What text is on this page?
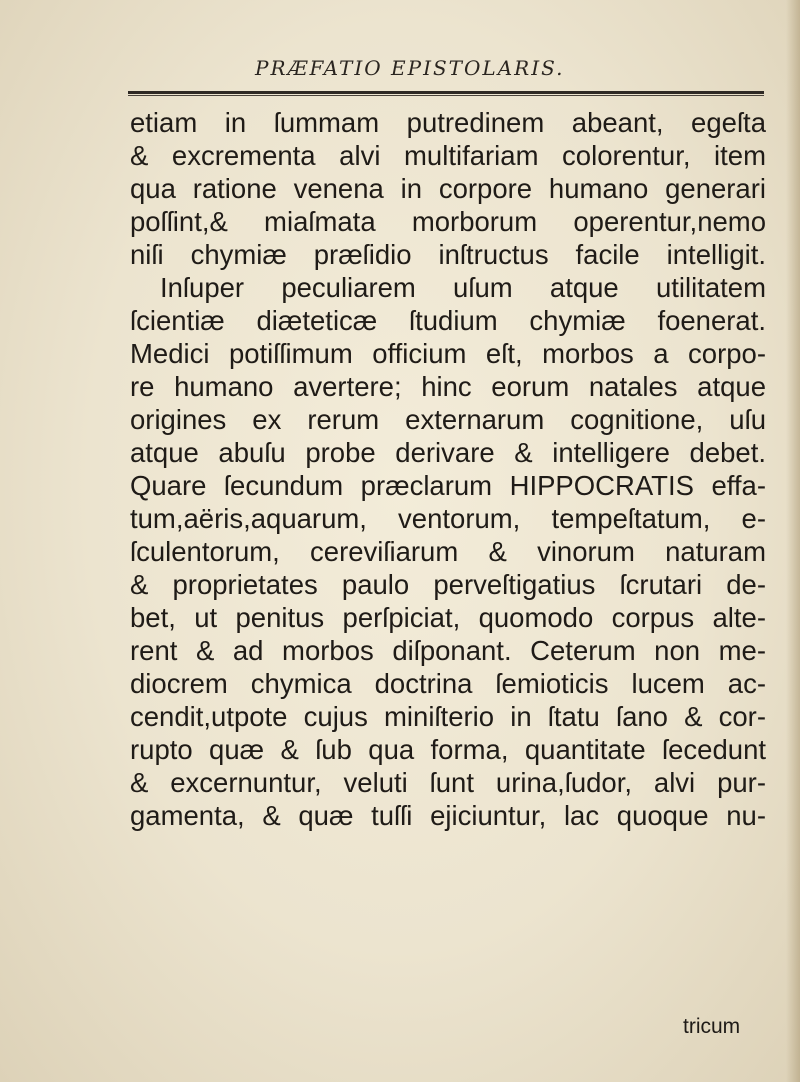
PRÆFATIO EPISTOLARIS.
etiam in ſummam putredinem abeant, egeſta
& excrementa alvi multifariam colorentur, item
qua ratione venena in corpore humano generari
poſſint,& miaſmata morborum operentur,nemo
niſi chymiæ præſidio inſtructus facile intelligit.
Inſuper peculiarem uſum atque utilitatem
ſcientiæ diæteticæ ſtudium chymiæ foenerat.
Medici potiſſimum officium eſt, morbos a corpo-
re humano avertere; hinc eorum natales atque
origines ex rerum externarum cognitione, uſu
atque abuſu probe derivare & intelligere debet.
Quare ſecundum præclarum HIPPOCRATIS effa-
tum,aëris,aquarum, ventorum, tempeſtatum, e-
ſculentorum, cereviſiarum & vinorum naturam
& proprietates paulo perveſtigatius ſcrutari de-
bet, ut penitus perſpiciat, quomodo corpus alte-
rent & ad morbos diſponant. Ceterum non me-
diocrem chymica doctrina ſemioticis lucem ac-
cendit,utpote cujus miniſterio in ſtatu ſano & cor-
rupto quæ & ſub qua forma, quantitate ſecedunt
& excernuntur, veluti ſunt urina,ſudor, alvi pur-
gamenta, & quæ tuſſi ejiciuntur, lac quoque nu-
tricum
